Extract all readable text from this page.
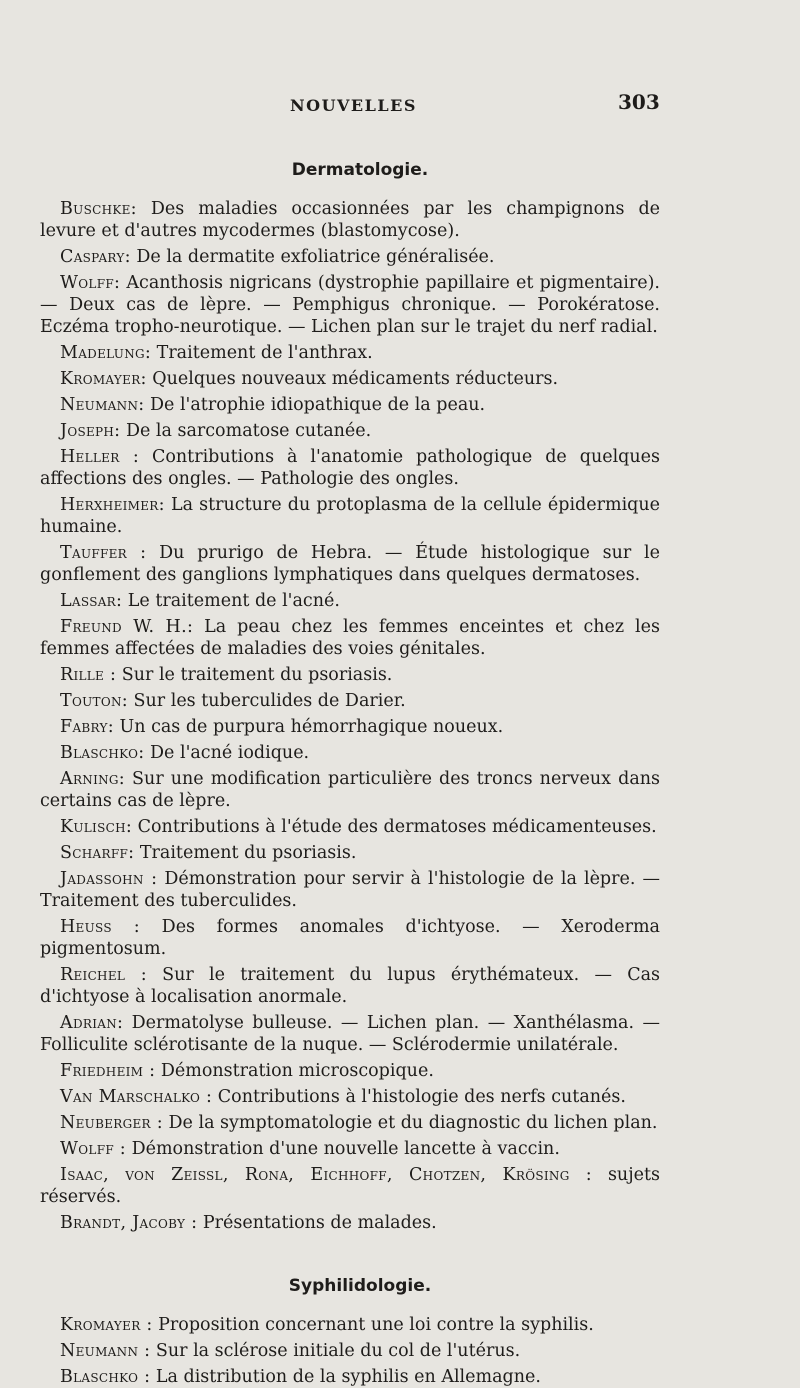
NOUVELLES	303
Dermatologie.
Buschke: Des maladies occasionnées par les champignons de levure et d'autres mycodermes (blastomycose).
Caspary: De la dermatite exfoliatrice généralisée.
Wolff: Acanthosis nigricans (dystrophie papillaire et pigmentaire). — Deux cas de lèpre. — Pemphigus chronique. — Porokératose. Eczéma tropho-neurotique. — Lichen plan sur le trajet du nerf radial.
Madelung: Traitement de l'anthrax.
Kromayer: Quelques nouveaux médicaments réducteurs.
Neumann: De l'atrophie idiopathique de la peau.
Joseph: De la sarcomatose cutanée.
Heller : Contributions à l'anatomie pathologique de quelques affections des ongles. — Pathologie des ongles.
Herxheimer: La structure du protoplasma de la cellule épidermique humaine.
Tauffer : Du prurigo de Hebra. — Étude histologique sur le gonflement des ganglions lymphatiques dans quelques dermatoses.
Lassar: Le traitement de l'acné.
Freund W. H.: La peau chez les femmes enceintes et chez les femmes affectées de maladies des voies génitales.
Rille : Sur le traitement du psoriasis.
Touton: Sur les tuberculides de Darier.
Fabry: Un cas de purpura hémorrhagique noueux.
Blaschko: De l'acné iodique.
Arning: Sur une modification particulière des troncs nerveux dans certains cas de lèpre.
Kulisch: Contributions à l'étude des dermatoses médicamenteuses.
Scharff: Traitement du psoriasis.
Jadassohn : Démonstration pour servir à l'histologie de la lèpre. — Traitement des tuberculides.
Heuss : Des formes anomales d'ichtyose. — Xeroderma pigmentosum.
Reichel : Sur le traitement du lupus érythémateux. — Cas d'ichtyose à localisation anormale.
Adrian: Dermatolyse bulleuse. — Lichen plan. — Xanthélasma. — Folliculite sclérotisante de la nuque. — Sclérodermie unilatérale.
Friedheim : Démonstration microscopique.
Van Marschalko : Contributions à l'histologie des nerfs cutanés.
Neuberger : De la symptomatologie et du diagnostic du lichen plan.
Wolff : Démonstration d'une nouvelle lancette à vaccin.
Isaac, von Zeissl, Rona, Eichhoff, Chotzen, Krösing : sujets réservés.
Brandt, Jacoby : Présentations de malades.
Syphilidologie.
Kromayer : Proposition concernant une loi contre la syphilis.
Neumann : Sur la sclérose initiale du col de l'utérus.
Blaschko : La distribution de la syphilis en Allemagne.
